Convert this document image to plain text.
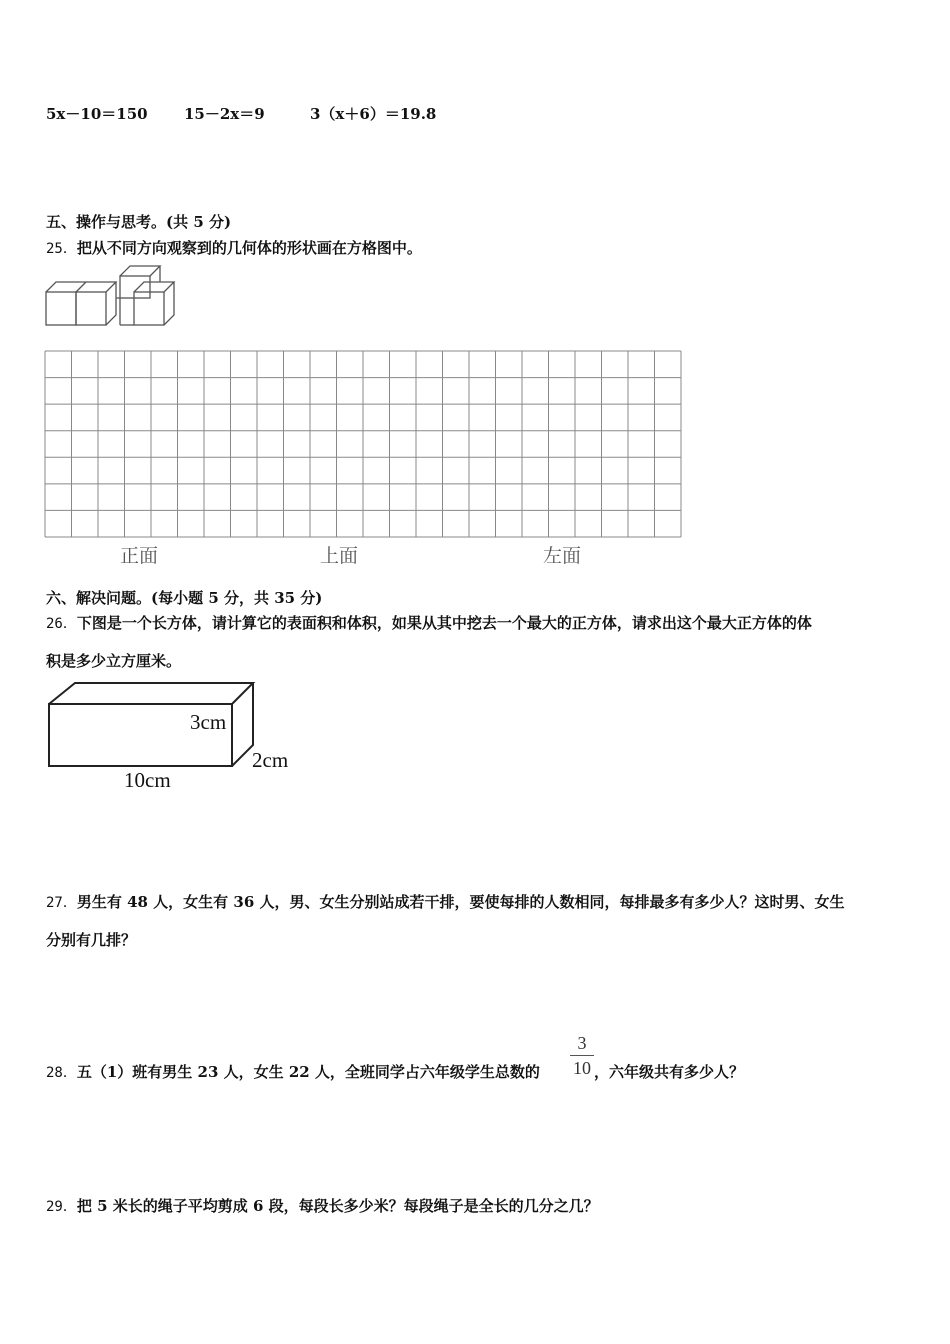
5x－10＝150 15－2x＝9	3（x＋6）＝19.8
五、操作与思考。(共 5 分)
25．把从不同方向观察到的几何体的形状画在方格图中。
正面	上面	左面
六、解决问题。(每小题 5 分，共 35 分)
26．下图是一个长方体，请计算它的表面积和体积，如果从其中挖去一个最大的正方体，请求出这个最大正方体的体
积是多少立方厘米。
3cm
2cm
10cm
27．男生有 48 人，女生有 36 人，男、女生分别站成若干排，要使每排的人数相同，每排最多有多少人？这时男、女生
分别有几排？
28．五（1）班有男生 23 人，女生 22 人，全班同学占六年级学生总数的
3
10 ，六年级共有多少人？
29．把 5 米长的绳子平均剪成 6 段，每段长多少米？每段绳子是全长的几分之几？
